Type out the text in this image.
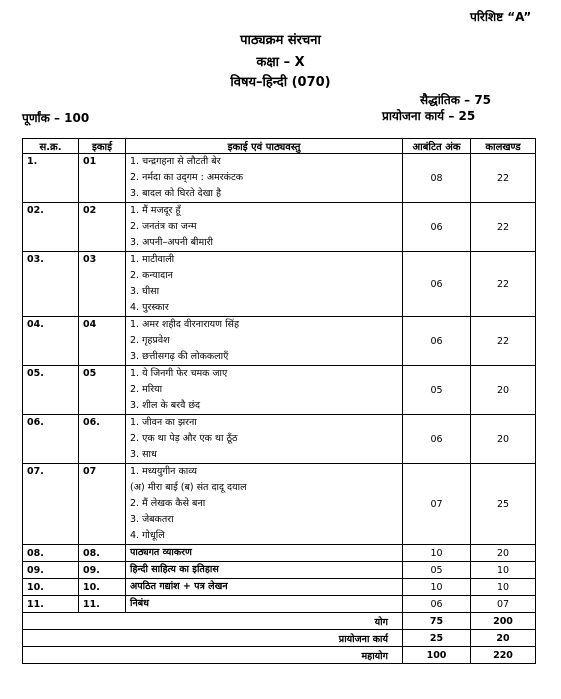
परिशिष्ट “A”
पाठ्यक्रम संरचना
कक्षा – X
विषय–हिन्दी (070)
सैद्धांतिक – 75
प्रायोजना कार्य – 25
पूर्णांक – 100
स.क्र.	इकाई	इकाई एवं पाठ्यवस्तु	आबंटित अंक	कालखण्ड
1.	01	1. चन्द्रगहना से लौटती बेर
2. नर्मदा का उद्‌गम : अमरकंटक
3. बादल को घिरते देखा है	08	22
02.	02	1. मैं मजदूर हूँ
2. जनतंत्र का जन्म
3. अपनी–अपनी बीमारी	06	22
03.	03	1. माटीवाली
2. कन्यादान
3. घीसा
4. पुरस्कार	06	22
04.	04	1. अमर शहीद वीरनारायण सिंह
2. गृहप्रवेश
3. छत्तीसगढ़ की लोककलाएँ	06	22
05.	05	1. ये जिनगी फेर चमक जाए
2. मरिया
3. शील के बरवै छंद	05	20
06.	06.	1. जीवन का झरना
2. एक था पेड़ और एक था ठूँठ
3. साध	06	20
07.	07	1. मध्ययुगीन काव्य
(अ) मीरा बाई (ब) संत दादू दयाल
2. मैं लेखक कैसे बना
3. जेबकतरा
4. गोधूलि	07	25
08.	08.	पाठ्यगत व्याकरण	10	20
09.	09.	हिन्दी साहित्य का इतिहास	05	10
10.	10.	अपठित गद्यांश + पत्र लेखन	10	10
11.	11.	निबंध	06	07
योग			75	200
प्रायोजना कार्य			25	20
महायोग			100	220
